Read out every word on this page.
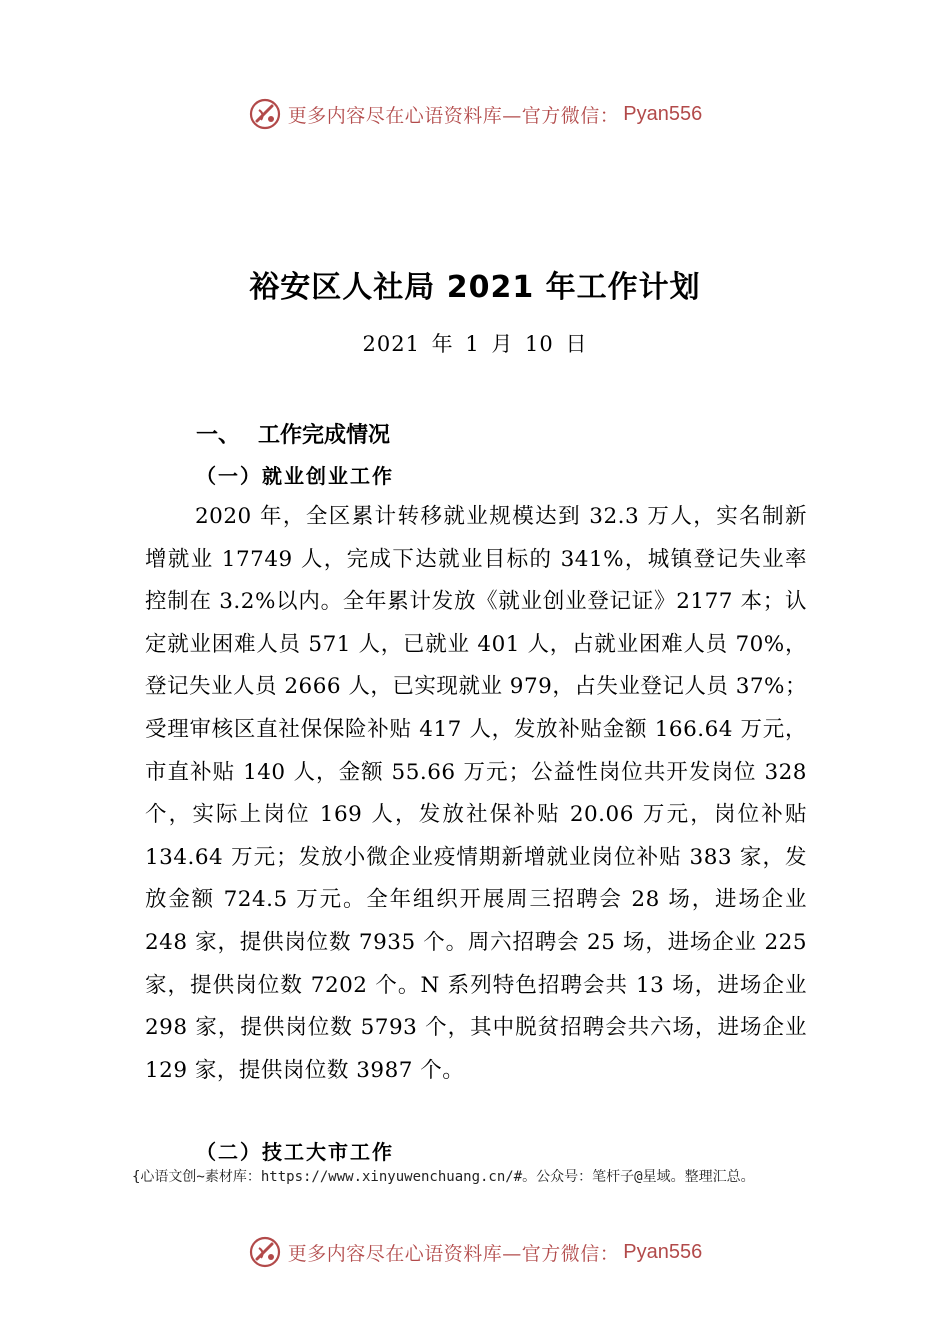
更多内容尽在心语资料库—官方微信： Pyan556
裕安区人社局 2021 年工作计划
2021 年 1 月 10 日
一、 工作完成情况
（一）就业创业工作
2020 年，全区累计转移就业规模达到 32.3 万人，实名制新增就业 17749 人，完成下达就业目标的 341%，城镇登记失业率控制在 3.2%以内。全年累计发放《就业创业登记证》2177 本；认定就业困难人员 571 人，已就业 401 人，占就业困难人员 70%，登记失业人员 2666 人，已实现就业 979，占失业登记人员 37%；受理审核区直社保保险补贴 417 人，发放补贴金额 166.64 万元，市直补贴 140 人，金额 55.66 万元；公益性岗位共开发岗位 328 个，实际上岗位 169 人，发放社保补贴 20.06 万元，岗位补贴 134.64 万元；发放小微企业疫情期新增就业岗位补贴 383 家，发放金额 724.5 万元。全年组织开展周三招聘会 28 场，进场企业 248 家，提供岗位数 7935 个。周六招聘会 25 场，进场企业 225 家，提供岗位数 7202 个。N 系列特色招聘会共 13 场，进场企业 298 家，提供岗位数 5793 个，其中脱贫招聘会共六场，进场企业 129 家，提供岗位数 3987 个。
（二）技工大市工作
{心语文创~素材库：https://www.xinyuwenchuang.cn/#。公众号：笔杆子@星域。整理汇总。
更多内容尽在心语资料库—官方微信： Pyan556
